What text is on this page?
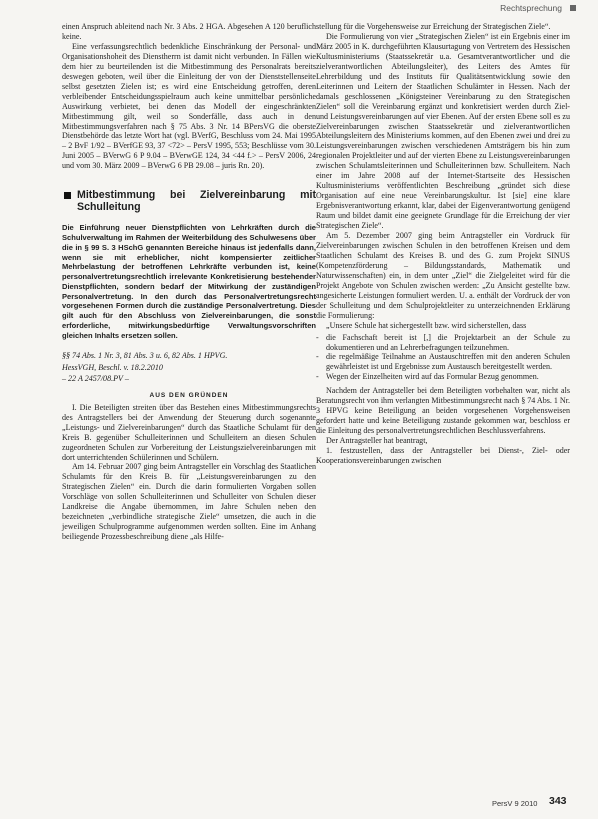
Rechtsprechung

einen Anspruch ableitend nach Nr. 3 Abs. 2 HGA. Abgesehen A 120 beruflich keine.

Eine verfassungsrechtlich bedenkliche Einschränkung der Personal- und Organisationshoheit des Dienstherrn ist damit nicht verbunden. In Fällen wie dem hier zu beurteilenden ist die Mitbestimmung des Personalrats bereits deswegen geboten, weil über die Einleitung der von der Dienststellenseite selbst gesetzten Zielen ist; es wird eine Entscheidung getroffen, deren verbleibender Entscheidungsspielraum auch keine unmittelbar persönliche Auswirkung verbietet, bei denen das Modell der eingeschränkten Mitbestimmung gilt, weil so Sonderfälle, dass auch in den Mitbestimmungsverfahren nach § 75 Abs. 3 Nr. 14 BPersVG die oberste Dienstbehörde das letzte Wort hat (vgl. BVerfG, Beschluss vom 24. Mai 1995 – 2 BvF 1/92 – BVerfGE 93, 37 <72> – PersV 1995, 553; Beschlüsse vom 30. Juni 2005 – BVerwG 6 P 9.04 – BVerwGE 124, 34 <44 f.> – PersV 2006, 24 und vom 30. März 2009 – BVerwG 6 PB 29.08 – juris Rn. 20).

Mitbestimmung bei Zielvereinbarung mit Schulleitung

Die Einführung neuer Dienstpflichten von Lehrkräften durch die Schulverwaltung im Rahmen der Weiterbildung des Schulwesens über die in § 99 S. 3 HSchG genannten Bereiche hinaus ist jedenfalls dann, wenn sie mit erheblicher, nicht kompensierter zeitlicher Mehrbelastung der betroffenen Lehrkräfte verbunden ist, keine personalvertretungsrechtlich irrelevante Konkretisierung bestehender Dienstpflichten, sondern bedarf der Mitwirkung der zuständigen Personalvertretung. In den durch das Personalvertretungsrecht vorgesehenen Formen durch die zuständige Personalvertretung. Dies gilt auch für den Abschluss von Zielvereinbarungen, die sonst erforderliche, mitwirkungsbedürftige Verwaltungsvorschriften gleichen Inhalts ersetzen sollen.

§§ 74 Abs. 1 Nr. 3, 81 Abs. 3 u. 6, 82 Abs. 1 HPVG.
HessVGH, Beschl. v. 18.2.2010
– 22 A 2457/08.PV –
AUS DEN GRÜNDEN

I. Die Beteiligten streiten über das Bestehen eines Mitbestimmungsrechts des Antragstellers bei der Anwendung der Steuerung durch sogenannte „Leistungs- und Zielvereinbarungen“ durch das Staatliche Schulamt für den Kreis B. gegenüber Schulleiterinnen und Schulleitern an diesen Schulen zugeordneten Schulen zur Vorbereitung der Leistungszielvereinbarungen mit dort unterrichtenden Schülerinnen und Schülern.

Am 14. Februar 2007 ging beim Antragsteller ein Vorschlag des Staatlichen Schulamts für den Kreis B. für „Leistungsvereinbarungen zu den Strategischen Zielen“ ein. Durch die darin formulierten Vorgaben sollen Vorschläge von sollen Schulleiterinnen und Schulleiter von Schulen dieser Landkreise die Angabe übernommen, im Jahre Schulen neben den bezeichneten „verbindliche strategische Ziele“ umsetzen, die auch in die jeweiligen Schulprogramme aufgenommen werden sollten. Eine im Anhang beiliegende Prozessbeschreibung diene „als Hilfe-

stellung für die Vorgehensweise zur Erreichung der Strategischen Ziele“.

Die Formulierung von vier „Strategischen Zielen“ ist ein Ergebnis einer im März 2005 in K. durchgeführten Klausurtagung von Vertretern des Hessischen Kultusministeriums (Staatssekretär u.a. Gesamtverantwortlicher und die zielverantwortlichen Abteilungsleiter), des Leiters des Amtes für Lehrerbildung und des Instituts für Qualitätsentwicklung sowie den Leiterinnen und Leitern der Staatlichen Schulämter in Hessen. Nach der damals geschlossenen „Königsteiner Vereinbarung zu den Strategischen Zielen“ soll die Vereinbarung ergänzt und konkretisiert werden durch Ziel- und Leistungsvereinbarungen auf vier Ebenen. Auf der ersten Ebene soll es zu Zielvereinbarungen zwischen Staatssekretär und zielverantwortlichen Abteilungsleitern des Ministeriums kommen, auf den Ebenen zwei und drei zu Leistungsvereinbarungen zwischen verschiedenen Amtsträgern bis hin zum regionalen Projektleiter und auf der vierten Ebene zu Leistungsvereinbarungen zwischen Schulamtsleiterinnen und Schulleiterinnen bzw. Schulleitern. Nach einer im Jahre 2008 auf der Internet-Startseite des Hessischen Kultusministeriums veröffentlichten Beschreibung „gründet sich diese Organisation auf eine neue Vereinbarungskultur. Ist [sie] eine klare Ergebnisverantwortung erkannt, klar, dabei der Eigenverantwortung genügend Raum und bildet damit eine geeignete Grundlage für die Erreichung der vier Strategischen Ziele“.

Am 5. Dezember 2007 ging beim Antragsteller ein Vordruck für Zielvereinbarungen zwischen Schulen in den betroffenen Kreisen und dem Staatlichen Schulamt des Kreises B. und des G. zum Projekt SINUS (Kompetenzförderung – Bildungsstandards, Mathematik und Naturwissenschaften) ein, in dem unter „Ziel“ die Zielgeleitet wird für die Projekt Angebote von Schulen zwischen werden: „Zu Ansicht gestellte bzw. angesicherte Leistungen formuliert werden. U. a. enthält der Vordruck der von der Schulleitung und dem Schulprojektleiter zu unterzeichnenden Erklärung die Formulierung:

„Unsere Schule hat sichergestellt bzw. wird sicherstellen, dass

- die Fachschaft bereit ist [,] die Projektarbeit an der Schule zu dokumentieren und an Lehrerbefragungen teilzunehmen.
- die regelmäßige Teilnahme an Austauschtreffen mit den anderen Schulen gewährleistet ist und Ergebnisse zum Austausch bereitgestellt werden.
- Wegen der Einzelheiten wird auf das Formular Bezug genommen.

Nachdem der Antragsteller bei dem Beteiligten vorbehalten war, nicht als Beratungsrecht von ihm verlangten Mitbestimmungsrecht nach § 74 Abs. 1 Nr. 3 HPVG keine Beteiligung an beiden vorgesehenen Vorgehensweisen gefordert hatte und keine Beteiligung zustande gekommen war, beschloss er die Einleitung des personalvertretungsrechtlichen Beschlussverfahrens.

Der Antragsteller hat beantragt,

1. festzustellen, dass der Antragsteller bei Dienst-, Ziel- oder Kooperationsvereinbarungen zwischen

PersV 9 2010 343
